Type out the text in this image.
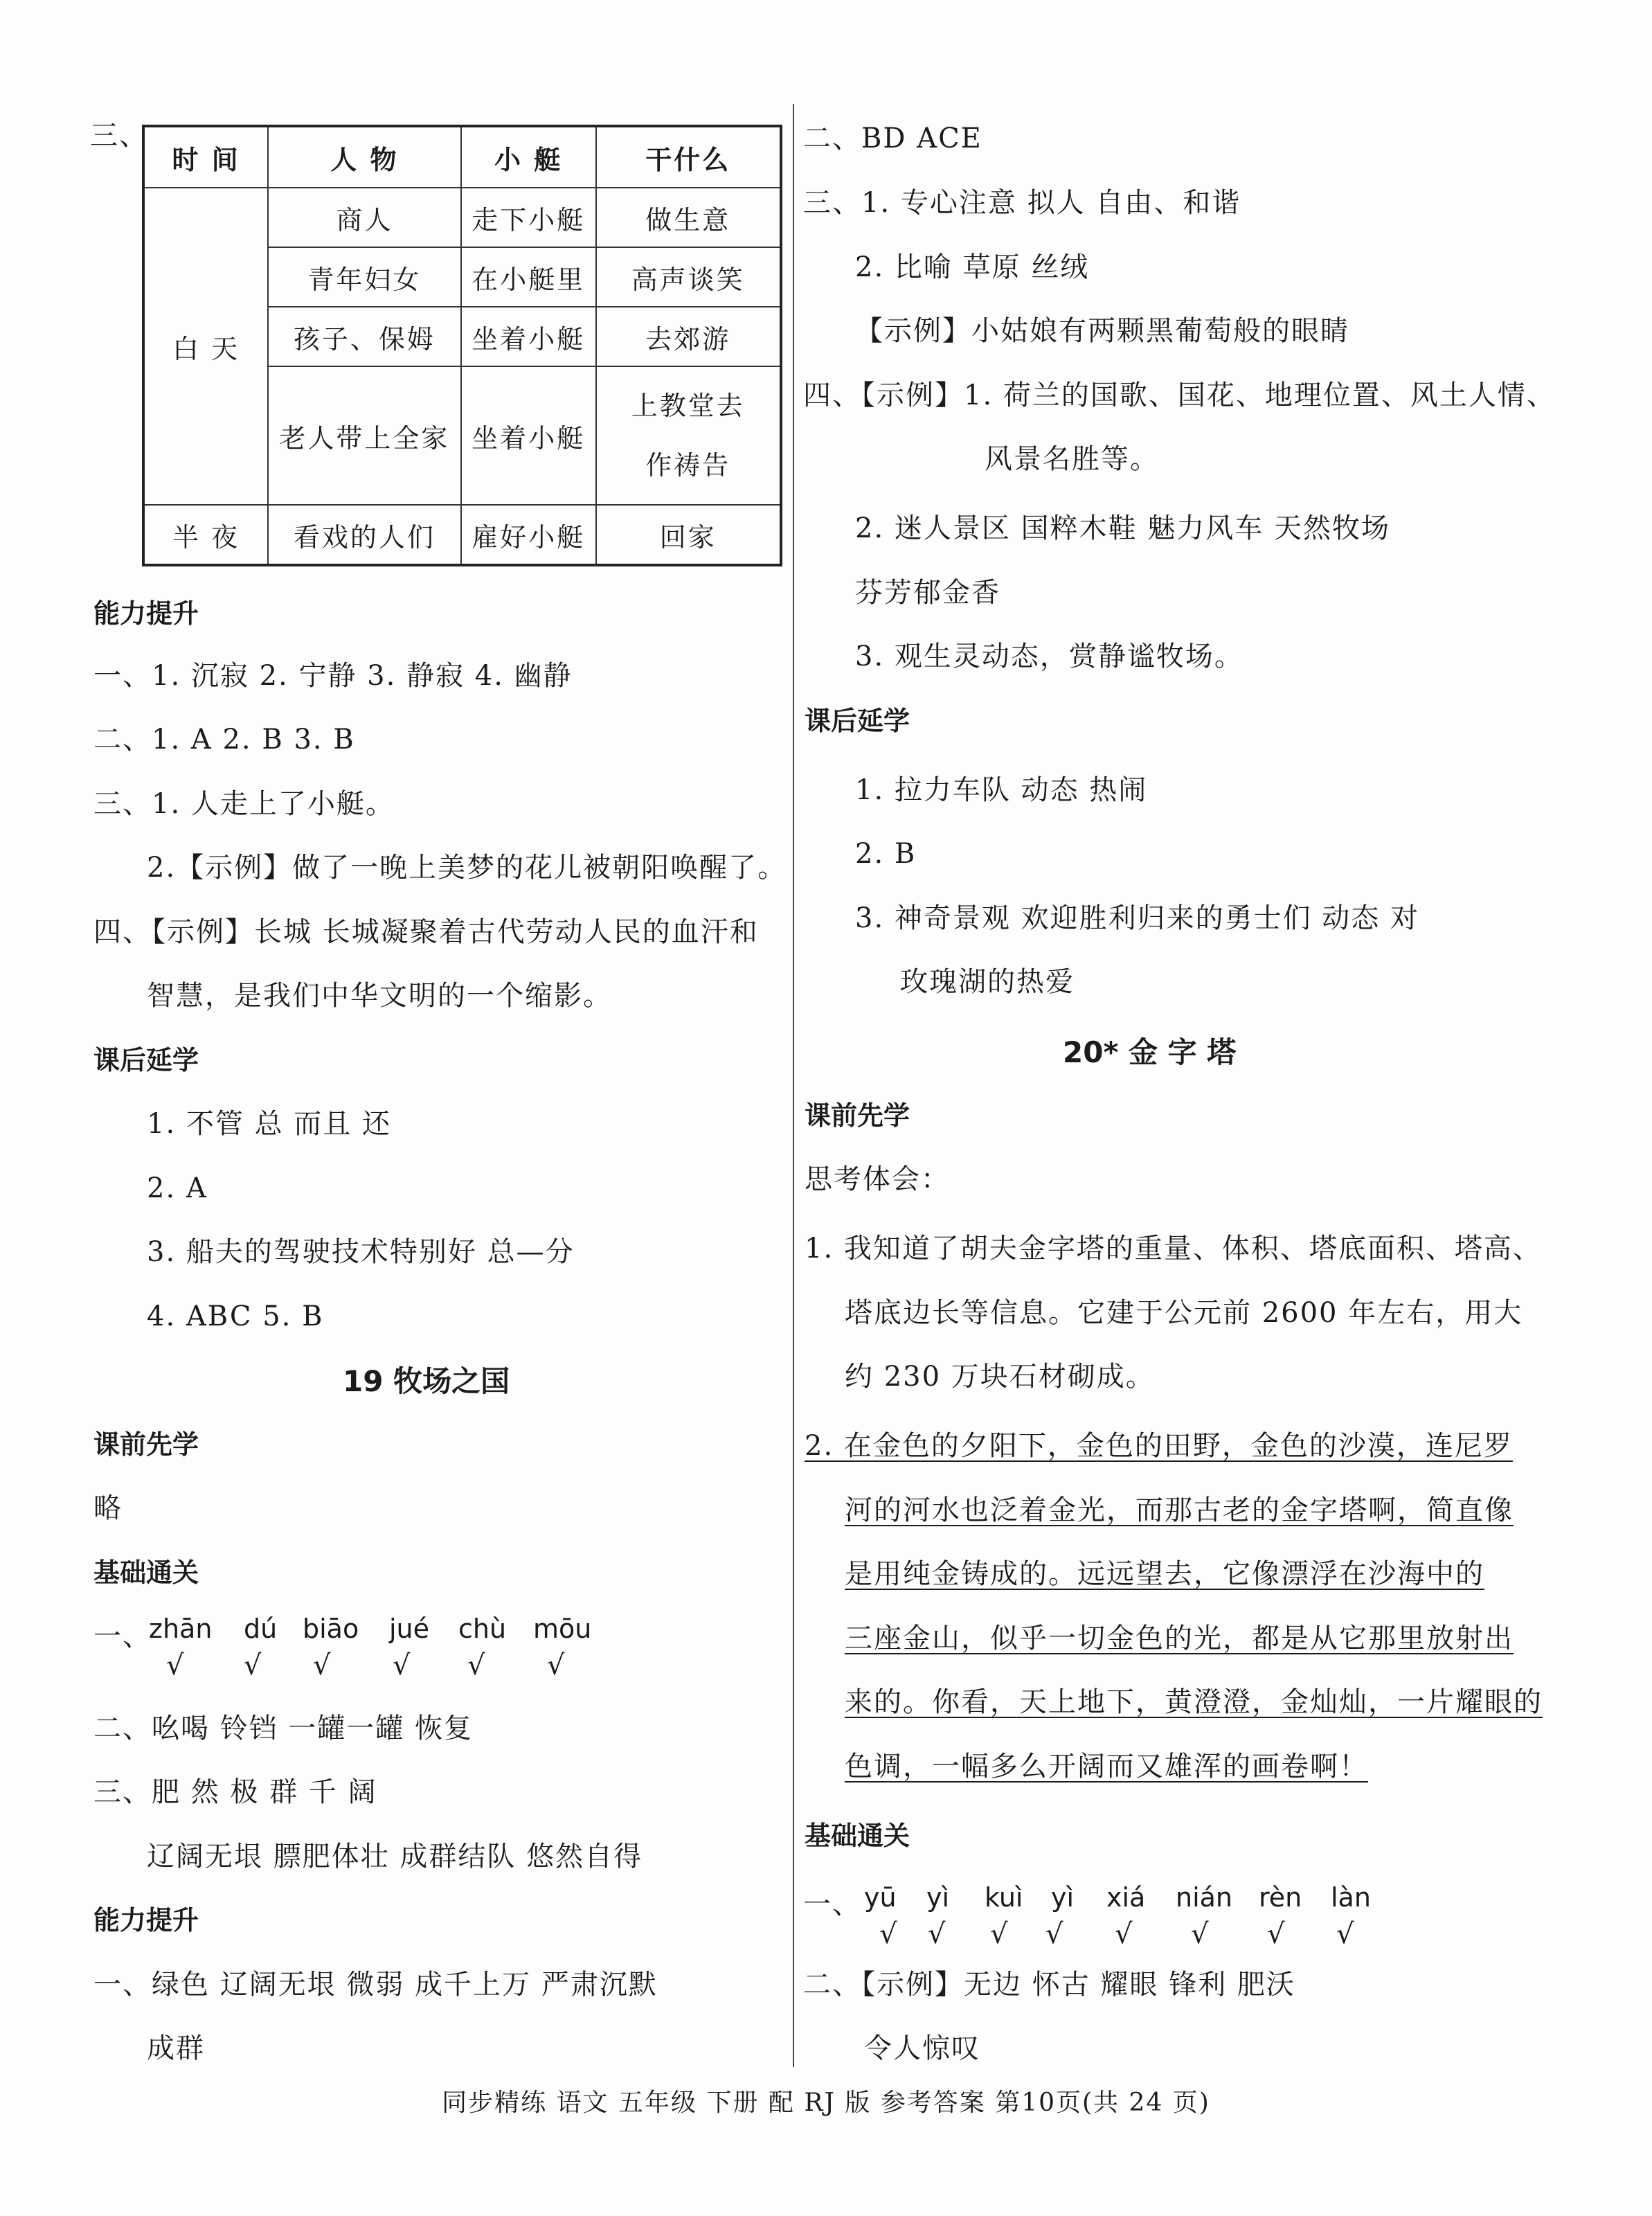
三、
时 间	人 物	小 艇	干什么
白 天	商人	走下小艇	做生意
	青年妇女	在小艇里	高声谈笑
	孩子、保姆	坐着小艇	去郊游
	老人带上全家	坐着小艇	上教堂去
作祷告

半 夜	看戏的人们	雇好小艇	回家
能力提升
一、1. 沉寂 2. 宁静 3. 静寂 4. 幽静
二、1. A 2. B 3. B
三、1. 人走上了小艇。
2.【示例】做了一晚上美梦的花儿被朝阳唤醒了。
四、【示例】长城 长城凝聚着古代劳动人民的血汗和
智慧，是我们中华文明的一个缩影。
课后延学
1. 不管 总 而且 还
2. A
3. 船夫的驾驶技术特别好 总—分
4. ABC 5. B
19 牧场之国
课前先学
略
基础通关
一、
zhān dú biāo jué chù mōu
√ √ √ √ √ √
二、吆喝 铃铛 一罐一罐 恢复
三、肥 然 极 群 千 阔
辽阔无垠 膘肥体壮 成群结队 悠然自得
能力提升
一、绿色 辽阔无垠 微弱 成千上万 严肃沉默
成群
二、BD ACE
三、1. 专心注意 拟人 自由、和谐
2. 比喻 草原 丝绒
【示例】小姑娘有两颗黑葡萄般的眼睛
四、【示例】1. 荷兰的国歌、国花、地理位置、风土人情、
风景名胜等。
2. 迷人景区 国粹木鞋 魅力风车 天然牧场
芬芳郁金香
3. 观生灵动态，赏静谧牧场。
课后延学
1. 拉力车队 动态 热闹
2. B
3. 神奇景观 欢迎胜利归来的勇士们 动态 对
玫瑰湖的热爱
20* 金 字 塔
课前先学
思考体会：
1. 我知道了胡夫金字塔的重量、体积、塔底面积、塔高、
塔底边长等信息。它建于公元前 2600 年左右，用大
约 230 万块石材砌成。
2. 在金色的夕阳下，金色的田野，金色的沙漠，连尼罗
河的河水也泛着金光，而那古老的金字塔啊，简直像
是用纯金铸成的。远远望去，它像漂浮在沙海中的
三座金山，似乎一切金色的光，都是从它那里放射出
来的。你看，天上地下，黄澄澄，金灿灿，一片耀眼的
色调，一幅多么开阔而又雄浑的画卷啊！
基础通关
一、 yū yì kuì yì xiá nián rèn làn
√ √ √ √ √ √ √ √
二、【示例】无边 怀古 耀眼 锋利 肥沃
令人惊叹
同步精练 语文 五年级 下册 配 RJ 版 参考答案 第10页(共 24 页)
